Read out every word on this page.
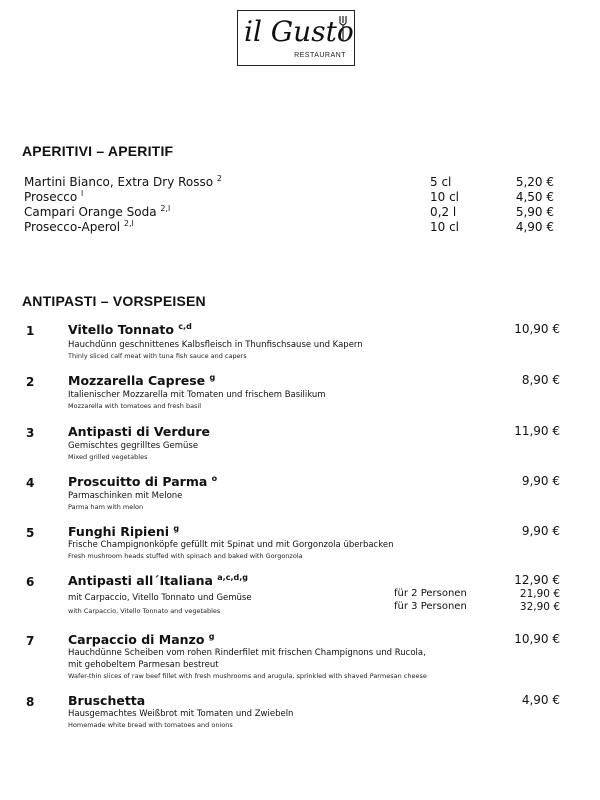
il Gusto
RESTAURANT
APERITIVI – APERITIF
Martini Bianco, Extra Dry Rosso $^2$	5 cl	5,20 €
Prosecco $^l$	10 cl	4,50 €
Campari Orange Soda $^{2,l}$	0,2 l	5,90 €
Prosecco-Aperol $^{2,l}$	10 cl	4,90 €
ANTIPASTI – VORSPEISEN
1	Vitello Tonnato $^{c,d}$	10,90 €
Hauchdünn geschnittenes Kalbsfleisch in Thunfischsause und Kapern
Thinly sliced calf meat with tuna fish sauce and capers
2	Mozzarella Caprese $^g$	8,90 €
Italienischer Mozzarella mit Tomaten und frischem Basilikum
Mozzarella with tomatoes and fresh basil
3	Antipasti di Verdure	11,90 €
Gemischtes gegrilltes Gemüse
Mixed grilled vegetables
4	Proscuitto di Parma $^o$	9,90 €
Parmaschinken mit Melone
Parma ham with melon
5	Funghi Ripieni $^g$	9,90 €
Frische Champignonköpfe gefüllt mit Spinat und mit Gorgonzola überbacken
Fresh mushroom heads stuffed with spinach and baked with Gorgonzola
6	Antipasti all´Italiana $^{a,c,d,g}$	12,90 €
mit Carpaccio, Vitello Tonnato und Gemüse
with Carpaccio, Vitello Tonnato and vegetables
für 2 Personen	21,90 €
für 3 Personen	32,90 €
7	Carpaccio di Manzo $^g$	10,90 €
Hauchdünne Scheiben vom rohen Rinderfilet mit frischen Champignons und Rucola,
mit gehobeltem Parmesan bestreut
Wafer-thin slices of raw beef fillet with fresh mushrooms and arugula, sprinkled with shaved Parmesan cheese
8	Bruschetta	4,90 €
Hausgemachtes Weißbrot mit Tomaten und Zwiebeln
Homemade white bread with tomatoes and onions
